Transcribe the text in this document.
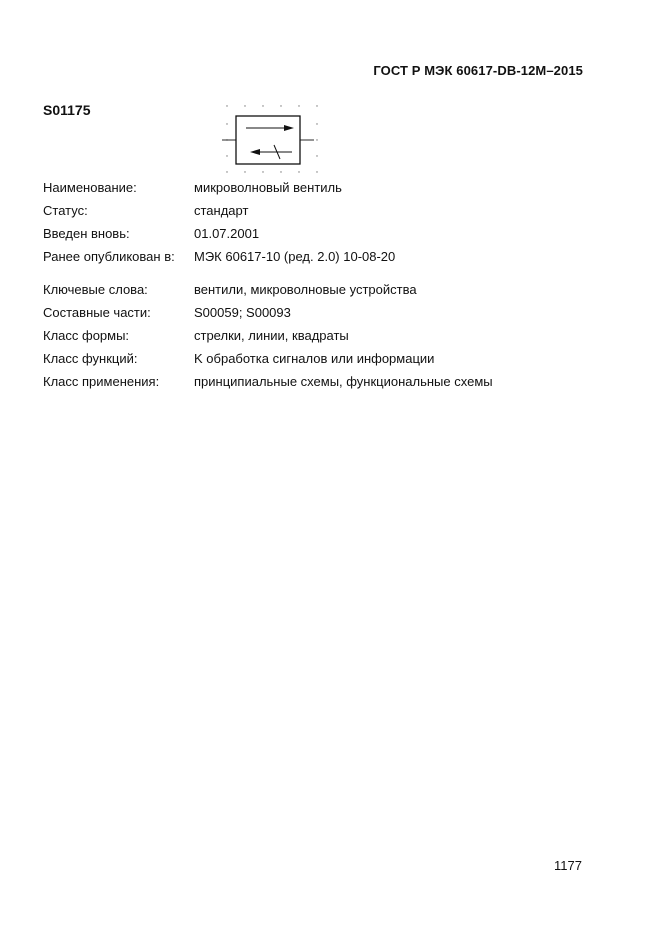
ГОСТ Р МЭК 60617-DB-12M–2015
S01175
Наименование:	микроволновый вентиль
Статус:	стандарт
Введен вновь:	01.07.2001
Ранее опубликован в: МЭК 60617-10 (ред. 2.0) 10-08-20
Ключевые слова:	вентили, микроволновые устройства
Составные части:	S00059; S00093
Класс формы:	стрелки, линии, квадраты
Класс функций:	K обработка сигналов или информации
Класс применения:	принципиальные схемы, функциональные схемы
1177
